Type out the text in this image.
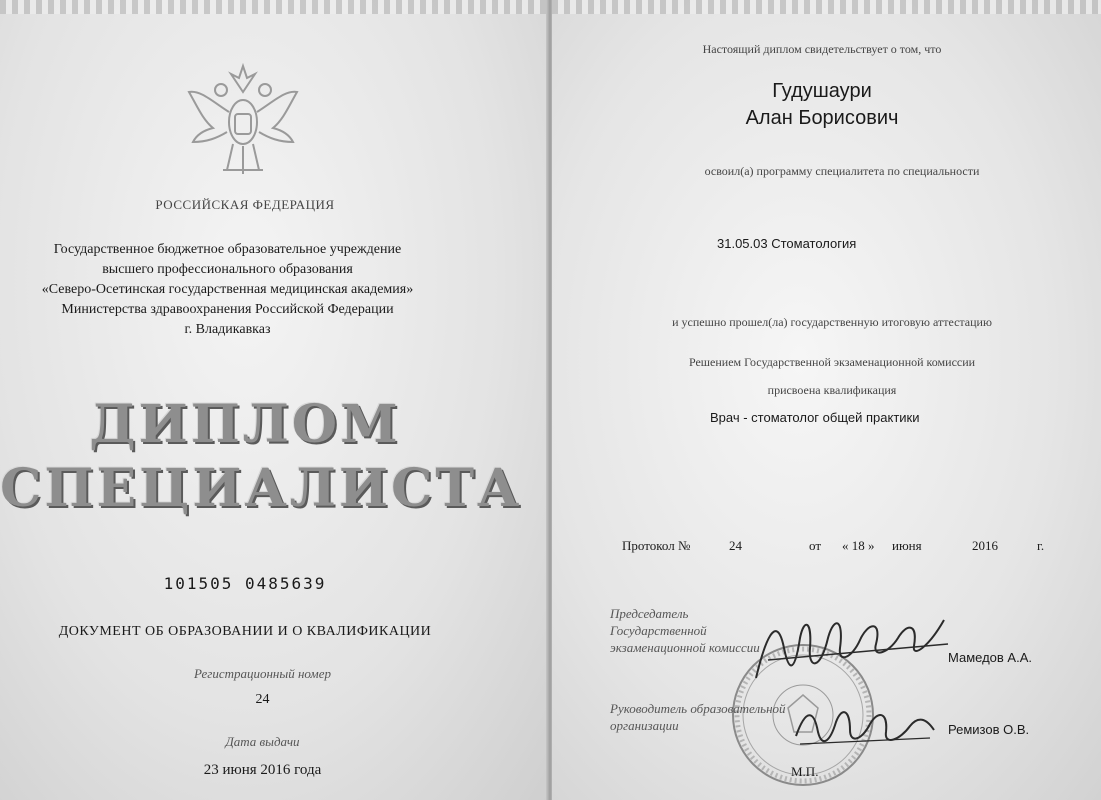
РОССИЙСКАЯ ФЕДЕРАЦИЯ
Государственное бюджетное образовательное учреждение
высшего профессионального образования
«Северо-Осетинская государственная медицинская академия»
Министерства здравоохранения Российской Федерации
г. Владикавказ
ДИПЛОМ
СПЕЦИАЛИСТА
101505 0485639
ДОКУМЕНТ ОБ ОБРАЗОВАНИИ И О КВАЛИФИКАЦИИ
Регистрационный номер
24
Дата выдачи
23 июня 2016 года
Настоящий диплом свидетельствует о том, что
Гудушаури
Алан Борисович
освоил(а) программу специалитета по специальности
31.05.03 Стоматология
и успешно прошел(ла) государственную итоговую аттестацию
Решением Государственной экзаменационной комиссии
присвоена квалификация
Врач - стоматолог общей практики
Протокол №	24	от « 18 » июня	2016	г.
Председатель
Государственной
экзаменационной комиссии
Мамедов А.А.
Руководитель образовательной
организации	Ремизов О.В.
М.П.
